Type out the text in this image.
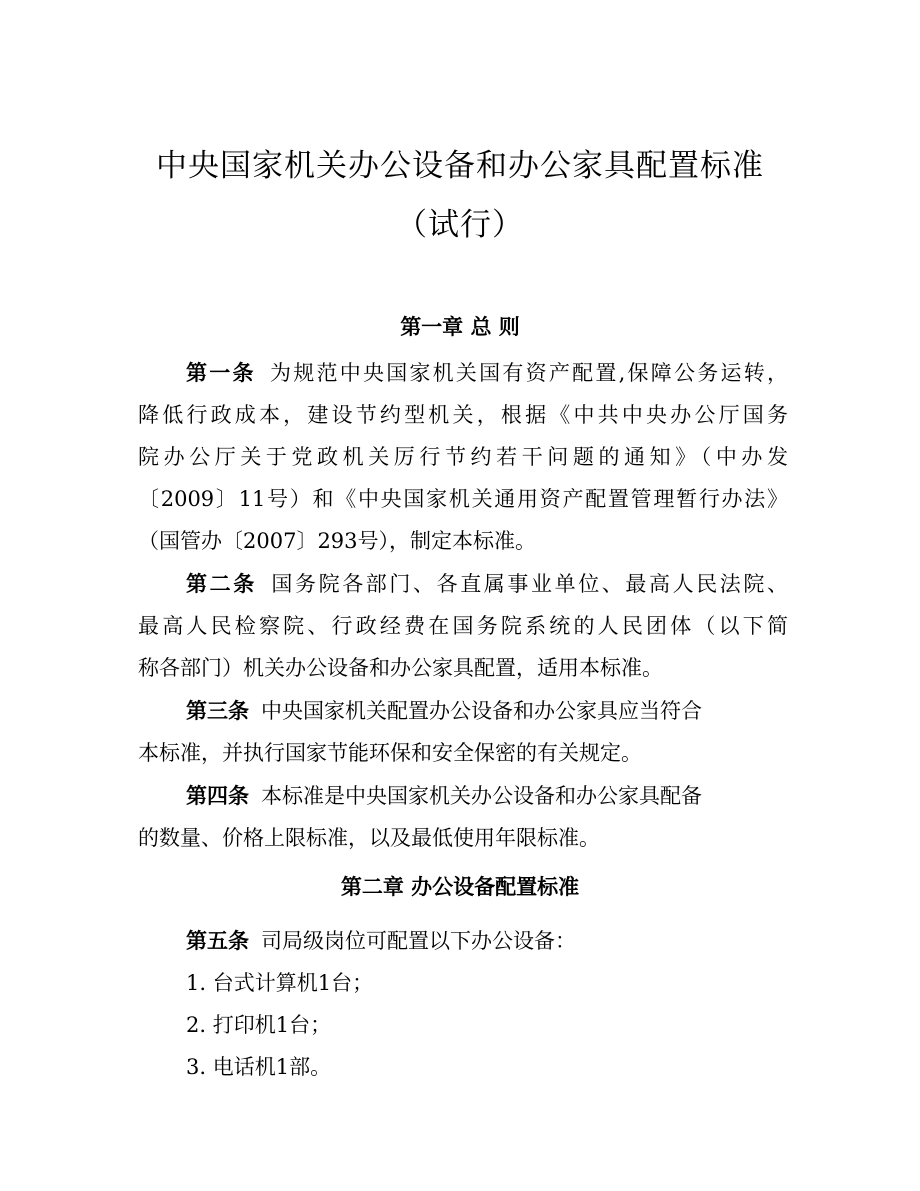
中央国家机关办公设备和办公家具配置标准
（试行）
第一章 总 则
第一条 为规范中央国家机关国有资产配置,保障公务运转，
降低行政成本，建设节约型机关，根据《中共中央办公厅国务
院办公厅关于党政机关厉行节约若干问题的通知》（中办发
〔2009〕11号）和《中央国家机关通用资产配置管理暂行办法》
（国管办〔2007〕293号），制定本标准。
第二条 国务院各部门、各直属事业单位、最高人民法院、
最高人民检察院、行政经费在国务院系统的人民团体（以下简
称各部门）机关办公设备和办公家具配置，适用本标准。
第三条 中央国家机关配置办公设备和办公家具应当符合
本标准，并执行国家节能环保和安全保密的有关规定。
第四条 本标准是中央国家机关办公设备和办公家具配备
的数量、价格上限标准，以及最低使用年限标准。
第二章 办公设备配置标准
第五条 司局级岗位可配置以下办公设备：
1. 台式计算机1台；
2. 打印机1台；
3. 电话机1部。
